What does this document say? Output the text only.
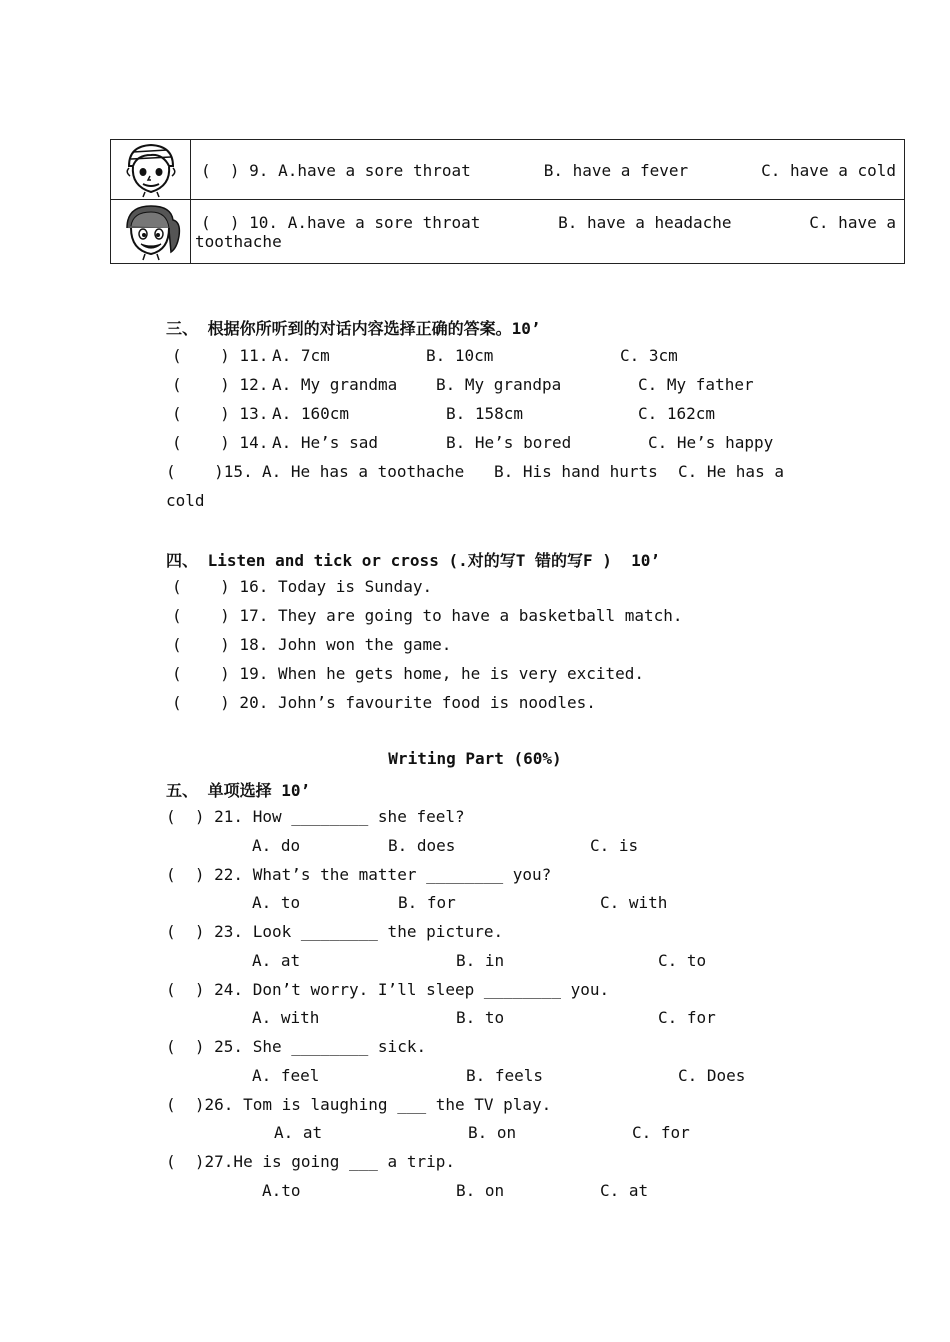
(  ) 9. A.have a sore throat	B. have a fever	C. have a cold
(  ) 10. A.have a sore throat	B. have a headache	C. have a
toothache
三、 根据你所听到的对话内容选择正确的答案。10’
(    ) 11. A. 7cm	B. 10cm	C. 3cm
(    ) 12. A. My grandma B. My grandpa	C. My father
(    ) 13. A. 160cm	B. 158cm	C. 162cm
(    ) 14. A. He’s sad	B. He’s bored	C. He’s happy
(    )15. A. He has a toothache B. His hand hurts C. He has a
cold
四、 Listen and tick or cross (.对的写T 错的写F )  10’
(    ) 16. Today is Sunday.
(    ) 17. They are going to have a basketball match.
(    ) 18. John won the game.
(    ) 19. When he gets home, he is very excited.
(    ) 20. John’s favourite food is noodles.
Writing Part (60%)
五、 单项选择 10’
(  ) 21. How ________ she feel?
A. do	B. does	C. is
(  ) 22. What’s the matter ________ you?
A. to	B. for	C. with
(  ) 23. Look ________ the picture.
A. at	B. in	C. to
(  ) 24. Don’t worry. I’ll sleep ________ you.
A. with	B. to	C. for
(  ) 25. She ________ sick.
A. feel	B. feels	C. Does
(  )26. Tom is laughing ___ the TV play.
A. at	B. on	C. for
(  )27.He is going ___ a trip.
A.to	B. on	C. at
